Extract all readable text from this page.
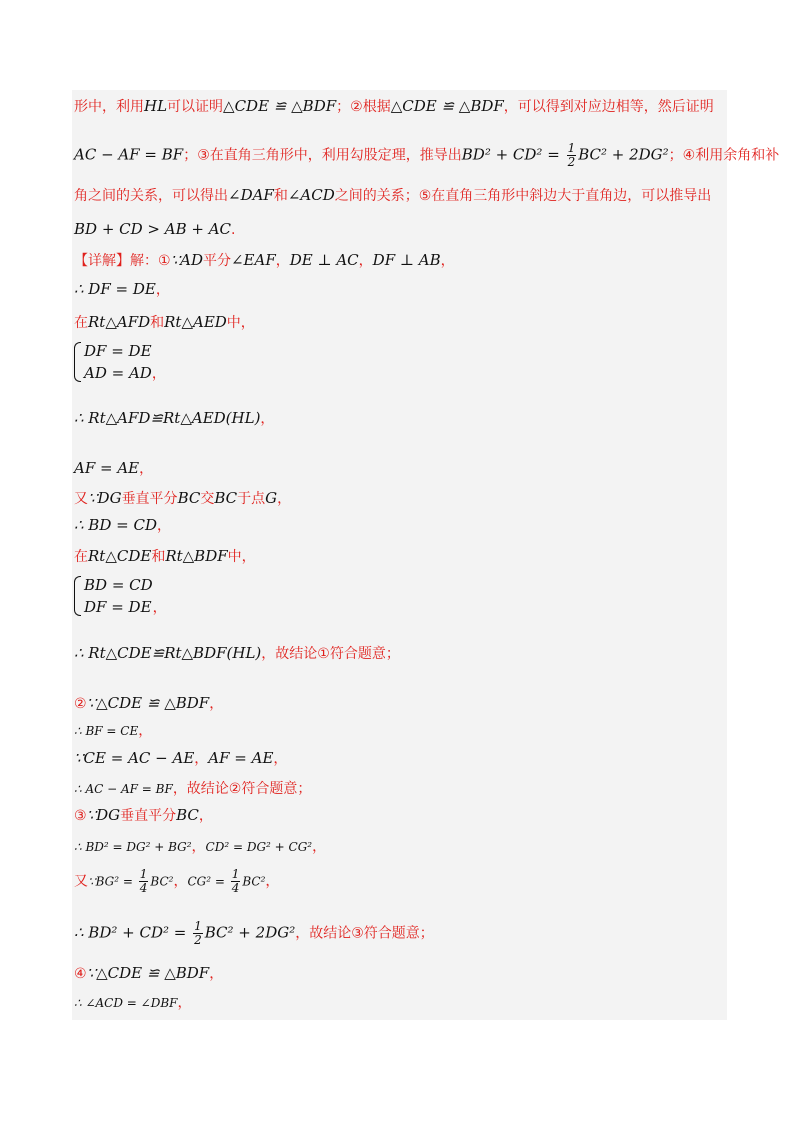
形中，利用HL可以证明△CDE ≌ △BDF；②根据△CDE ≌ △BDF，可以得到对应边相等，然后证明
AC − AF = BF；③在直角三角形中，利用勾股定理，推导出$BD^2 + CD^2 = \frac{1}{2} BC^2 + 2DG^2$；④利用余角和补
角之间的关系，可以得出∠DAF和∠ACD之间的关系；⑤在直角三角形中斜边大于直角边，可以推导出
BD + CD > AB + AC.
【详解】解：①∵AD平分∠EAF，DE ⊥ AC，DF ⊥ AB，
∴ DF = DE，
在Rt△AFD和Rt△AED中，
DF = DE
AD = AD ，
∴ Rt△AFD≌Rt△AED(HL)，
AF = AE，
又∵DG垂直平分BC交BC于点G，
∴ BD = CD，
在Rt△CDE和Rt△BDF中，
BD = CD
DF = DE ，
∴ Rt△CDE≌Rt△BDF(HL)，故结论①符合题意；
②∵△CDE ≌ △BDF，
∴ BF = CE，
∵CE = AC − AE，AF = AE，
∴ AC − AF = BF，故结论②符合题意；
③∵DG垂直平分BC，
∴ BD² = DG² + BG²，CD² = DG² + CG²，
又∵BG² = $\frac{1}{4} BC^2$，$CG^2 = \frac{1}{4} BC^2$，
∴ $BD^2 + CD^2 = \frac{1}{2} BC^2 + 2DG^2$，故结论③符合题意；
④∵△CDE ≌ △BDF，
∴ ∠ACD = ∠DBF，
